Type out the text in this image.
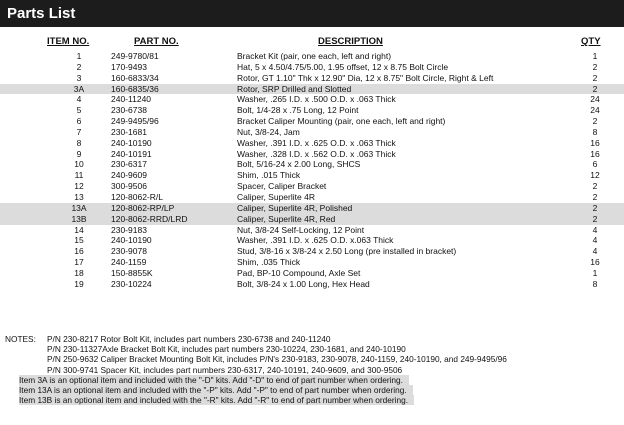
Parts List
ITEM NO.	PART NO.	DESCRIPTION	QTY
1	249-9780/81	Bracket Kit (pair, one each, left and right)	1
2	170-9493	Hat, 5 x 4.50/4.75/5.00, 1.95 offset, 12 x 8.75 Bolt Circle	2
3	160-6833/34	Rotor, GT 1.10" Thk x 12.90" Dia, 12 x 8.75" Bolt Circle, Right & Left	2
3A	160-6835/36	Rotor, SRP Drilled and Slotted	2
4	240-11240	Washer, .265 I.D. x .500 O.D. x .063 Thick	24
5	230-6738	Bolt, 1/4-28 x .75 Long, 12 Point	24
6	249-9495/96	Bracket Caliper Mounting (pair, one each, left and right)	2
7	230-1681	Nut, 3/8-24, Jam	8
8	240-10190	Washer, .391 I.D. x .625 O.D. x .063 Thick	16
9	240-10191	Washer, .328 I.D. x .562 O.D. x .063 Thick	16
10	230-6317	Bolt, 5/16-24 x 2.00 Long, SHCS	6
11	240-9609	Shim, .015 Thick	12
12	300-9506	Spacer, Caliper Bracket	2
13	120-8062-R/L	Caliper, Superlite 4R	2
13A	120-8062-RP/LP	Caliper, Superlite 4R, Polished	2
13B	120-8062-RRD/LRD	Caliper, Superlite 4R, Red	2
14	230-9183	Nut, 3/8-24 Self-Locking, 12 Point	4
15	240-10190	Washer, .391 I.D. x .625 O.D. x.063 Thick	4
16	230-9078	Stud, 3/8-16 x 3/8-24 x 2.50 Long (pre installed in bracket)	4
17	240-1159	Shim, .035 Thick	16
18	150-8855K	Pad, BP-10 Compound, Axle Set	1
19	230-10224	Bolt, 3/8-24 x 1.00 Long, Hex Head	8
NOTES: P/N 230-8217 Rotor Bolt Kit, includes part numbers 230-6738 and 240-11240
P/N 230-11327Axle Bracket Bolt Kit, includes part numbers 230-10224, 230-1681, and 240-10190
P/N 250-9632 Caliper Bracket Mounting Bolt Kit, includes P/N's 230-9183, 230-9078, 240-1159, 240-10190, and 249-9495/96
P/N 300-9741 Spacer Kit, includes part numbers 230-6317, 240-10191, 240-9609, and 300-9506
Item 3A is an optional item and included with the "-D" kits. Add "-D" to end of part number when ordering.
Item 13A is an optional item and included with the "-P" kits. Add "-P" to end of part number when ordering.
Item 13B is an optional item and included with the "-R" kits. Add "-R" to end of part number when ordering.
